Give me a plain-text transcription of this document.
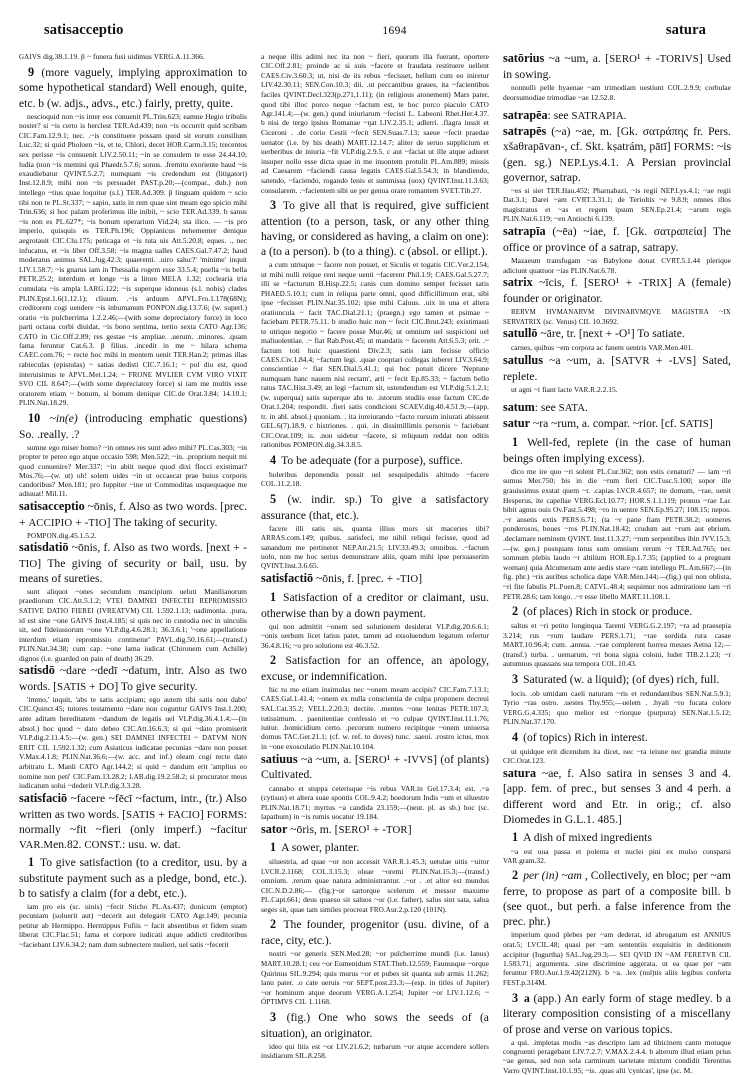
satisacceptio	1694	satura

GAIVS dig.38.1.19. β ~ funera fusi uidimus VERG.A.11.366.

9 (more vaguely, implying approximation to some hypothetical standard) Well enough, quite, etc. b (w. adjs., advs., etc.) fairly, pretty, quite.

nescioquid non ~is inter eos conuenit PL.Trin.623; eamne Hegio tribulis noster? si ~is certo is herclest TER.Ad.439; non ~is occurrit quid scribam CIC.Fam.12.9.1; nec. .~is constituere possam quod sit eorum consilium Luc.32; si quid Pholoen ~is, et te, Chlori, decet HOR.Carm.3.15; trecentos sex perisse ~is consuenit LIV.2.50.11; ~in se consulem te esse 24.44.10; ludia (non ~is memini qui Phaedr.5.7.6; sonus. .fremitu exoriente haud ~is exaudiebatur QVINT.5.2.7; numquam ~is credendum est (litigatori) Inst.12.8.9; mihi non ~is persuadet PAST.p.20;—(compar., dub.) non intellego ~tius quae loquitur (s.l.) TER.Ad.309. β linguam quidem ~ scio tibi non te PL.St.337; ~ sapio, satis in rem quae sint meam ego spicio mihi Trin.636; si hoc palam proferimus ille inibit, ~ scio TER.Ad.339. b sanus ~is non es PL.627*; ~is bonum operarium Vid.24; sta ilico. — ~is pro imperio, quisquis es TER.Ph.196; Oppianicus nehementer denique aegrotauit CIC.Clu.175; peticaga et ~is tuta uis Att.5.20.8; eques. ., nec infucatus, et ~is liber Off.3.58; ~is magna ualles CAES.Gal.7.47.2; haud moderatus animus SAL.Jug.42.3; quaerenti. .uiro saluc?' 'minime' inquit LIV.1.58.7; ~is gnarus iam in Thessalia rogem esse 33.5.4; puella ~is bella PETR.25.2; interdum et longe ~is a litore MELA 1.32; coclearia tria cumulata ~is ampla LARG.122; ~is superque idoneus (s.l. nobis) clades PLIN.Epst.1.6(1.12.1); cliuum. .~is arduum APVL.Fro.1.178(68N); creditorem cogi uendere ~is inhumanum PONPON.dig.13.7.6; (w. superl.) oratio ~is pulcherrima 1.2.2.46;—(with some depreciatory force) in loco parti octaua corbi diuidat, ~is bono sentima, tertio sexta CATO Agr.136; CATO in Cic.Off.2.89; res gestae ~is ampliae. .uerum. .minores. .quam fama feruntur Cat.6.3. β filius. .incedit in me ~ hilara schema CAEC.com.76; ~ recte hoc mihi in mentem uenit TER.Han.2; primas illas rabieculas (epistulas) ~ satias dedisti CIC.7.16.1; ~ pol diu est, quod interuisimus te APVL.Met.1.24; ~ FRONE MVLIER CVM VIRO VIXIT SVO CIL 8.647;—(with some depreciatory force) si iam me multis esse oratorem etiam ~ bonum, si bonum denique CIC.de Orat.3.84; 14.10.1; PLIN.Nat.18.29.

10 ~in(e) (introducing emphatic questions) So. .really. .?

sumne ego miser homo? ~in omnes res sunt adeo mihi? PL.Cas.303; ~in propter te pereo ego atque occasio 598; Men.522; ~in. .proprium nequit mi quod conuenire? Mer.337; ~in abiit neque quod dixi flocci existimat? Mos.76;—(w. ut) oh! solem uides ~in ut occaecat prae huius corporis candoribus? Men.181; pro Iuppiter ~ine ut Commoditas usquequaque me adiuuat! Mil.11.

satisacceptio ~ōnis, f. Also as two words. [prec. + ACCIPIO + -TIO] The taking of security.

POMPON.dig.45.1.5.2.

satisdatiō ~ōnis, f. Also as two words. [next + -TIO] The giving of security or bail, usu. by means of sureties.

sunt aliquot ~ones secundum mancipium ueluti Manilianorum praediorum CIC.Att.5.1.2; VTEI DAMNEI INFECTEI REPROMISSIO SATIVE DATIO FIEREI (IVREATVM) CIL 1.592.1.13; uadimonia. .pura, id est sine ~one GAIVS Inst.4.185; si quis nec in custodia nec in uinculis sit, sed fideiussorum ~one VLP.dig.4.6.28.1; 36.3.6.1; '~one appellatione interdum etiam repromissio continetur' PAVL.dig.50.16.61;—(transf.) PLIN.Nat.34.38; cum cap. ~one lama iudicat (Chironem cum Achille) dignos (i.e. guarded on pain of death) 36.29.

satisdō ~dare ~dedī ~datum, intr. Also as two words. [SATIS + DO] To give security.

'immo,' inquit, 'abs te satis accipiam; ego autem tibi satis non dabo' CIC.Quinct.45; tutores testamento ~dare non coguntur GAIVS Inst.1.200; ante aditam hereditatem ~dandum de legatis uel VLP.dig.36.4.1.4;—(in absol.) hoc quod ~ dato debeo CIC.Att.16.6.3; si qui ~dato promiserit VLP.dig.2.11.4.5;—(w. gen.) SEI DAMNEI INFECTEI ~ DATVM NON ERIT CIL 1.592.1.32; cum Asiaticus iudicatae pecunias ~dare non posset V.Max.4.1.8; PLIN.Nat.36.6;—(w. acc. and inf.) oleam cogi recte dato arbitratu L. Manli CATO Agr.144.2; si quid ~ dandum erit 'amplius eo nomine non peti' CIC.Fam.13.28.2; LAB.dig.19.2.58.2; si procurator meus iudicatum solui ~dederit VLP.dig.3.3.28.

satisfaciō ~facere ~fēcī ~factum, intr., (tr.) Also written as two words. [SATIS + FACIO] FORMS: normally ~fit ~fieri (only imperf.) ~facitur VAR.Men.82. CONST.: usu. w. dat.

1 To give satisfaction (to a creditor, usu. by a substitute payment such as a pledge, bond, etc.). b to satisfy a claim (for a debt, etc.).

iam pro eis (sc. uinis) ~fecit Sticho PL.As.437; donicum (emptor) pecuniam (soluerit aut) ~decerit aut delegarit CATO Agr.149; pecunia petitur ab Hermippo. Hermippus Fufiis ~ facit absentibus et fidem suam liberat CIC.Flac.51; fama et corpore iudicati atque addicti creditoribus ~faciebant LIV.6.34.2; nam dum subnectere mulieri, uel satis ~fecerit

a neque illis adimi nec ita non ~ fieri, quorum illa fuerant, oportere CIC.Off.2.81; proinde ac si suis ~facere et fraudata restituere uellent CAES.Civ.3.60.3; ut, nisi de iis rebus ~fecisset, bellum cum eo iniretur LIV.42.30.11; SEN.Con.10.3; dii. .ut peccantibus graues, ita ~facientibus faciles QVINT.Decl.323(p.271,1.11); (in religious atonement) Mars pater, quod tibi illoc porco neque ~factum est, te hoc porco piaculo CATO Agr.141.4;—(w. gen.) qund iniuriarum ~fecisti L. Labeoni Rhet.Her.4.37. b nisi de tergo ipsius Romanae ~ŋat LIV.2.35.1; adlerri. .flagra iussit et Ciceroni . .de corio Cestii ~fecit SEN.Suas.7.13; saeue ~fecit praedae uenator (i.e. by his death) MART.12.14.7; aliter de seruo supplicium et uerberibus de iniuria ~fit VLP.dig.2.9.5. c aut ~faciat ut ille atque adiuret insuper nollo esse dicta quae in me insontem protulit PL.Am.889; missis ad Caesarem ~faciendi causa legatis CAES.Gal.5.54.3; in blandiendo, satendo, ~faciendo, rogando lenis et summissa (uox) QVINT.Inst.11.3.63; consularem. .~facientem sibi ue per genua orare romantem SVET.Tib.27.

3 To give all that is required, give sufficient attention (to a person, task, or any other thing having, or considered as having, a claim on one): a (to a person). b (to a thing). c (absol. or ellipt.).

a cum utrisque ~ facere non posset, et Siculis et togatis CIC.Ver.2.154; ut mihi nulli reique reni neque uenti ~facerent Phil.1.9; CAES.Gal.5.27.7; illi se ~facturum B.Hisp.22.5; canis cum domino semper fecisset satis PHAED.5.10.1; cum in reliqua parte omni, quod difficillimum erat, sibi ipse ~fecisset PLIN.Nat.35.102; ipse mihi Caluus. .uix in una et altera oratiuncula ~ facit TAC.Dial.21.1; (praegn.) ego tamen et psimae ~ faciebam PETR.75.11. b studio huic non ~ fecit CIC.Brut.243; existimasti te utrique negotio ~ facere posse Mur.46; ut omnium uel suspicioni uel maliuolentiae. .~ fiat Rab.Post.45; ut mandatis ~ facerem Att.6.5.3; erit. .~ factum toti huic quaestioni Div.2.3; satis iam fecisse officio CAES.Civ.1.84.4; ~factum legi. .quae cooptari collegas iuberet LIV.3.64.9; conscientiae ~ fiat SEN.Dial.5.41.1; qui hoc potuit dicere 'Neptune numquam hanc nauem nisi rectam', arti ~ fecit Ep.85.33; ~ factum bello ratus TAC.Hist.3.49; an legi ~factum sit, ustendendum est VLP.dig.5.1.2.1; (w. superqua) satis superque abs te. .istorum studiis esse factum CIC.de Orat.1.204; respondit. .fieri satis condicioni SCAEV.dig.40.4.51.9;—(app. tr. in abl. absol.) quoniam. . ita iureiurando ~facto rursum iniurati abissent GEL.6(7).18.9. c histriones. . qui. .in dissimillimis personis ~ faciebant CIC.Orat.109; is. .non uidetur ~facere, si reliquum reddat non oditis rationibus POMPON.dig.34.3.8.5.

4 To be adequate (for a purpose), suffice.

holeribus deponendis possit uel sesquipedalis altitudo ~facere COL.11.2.18.

5 (w. indir. sp.) To give a satisfactory assurance (that, etc.).

facere illi satis uis, quanta illius mors sit maceries tibi? ARRAS.com.149; quibus. .satisfeci, me nihil reliqui fecisse, quod ad sanandum me pertineret NEP.Att.21.5; LIV.33.49.3; omnibus. .~factum uolo, non me hoc serius demonstrare aliis, quam mihi ipse persuaserim QVINT.Inst.3.6.65.

satisfactiō ~ōnis, f. [prec. + -TIO]

1 Satisfaction of a creditor or claimant, usu. otherwise than by a down payment.

qui non admittit ~onem sed solutionem desiderat VLP.dig.20.6.6.1; ~onis uerbum licet latius patet, tamen ad exsoluendum legatum refertur 36.4.8.16; ~o pro solutione est 46.3.52.

2 Satisfaction for an offence, an apology, excuse, or indemnification.

hic tu me etiam insimulas nec ~onem meam accipis? CIC.Fam.7.13.1; CAES.Gal.1.41.4; ~onem ex nulla conscientia de culpa proponere decreui SAL.Cat.35.2; VELL.2.20.3; dectite. .mentes ~one lenitas PETR.107.3; tutissimum. . paenitentiae confessio et ~o culpae QVINT.Inst.11.1.76; iuitur. .homicidium certo. .pecorum numero recipitque ~onem uniuersa domus TAC.Ger.21.1; (cf. w. ref. to doves) tunc. .saeui. .rostro ictus, mox in ~one exosculatio PLIN.Nat.10.104.

satiuus ~a ~um, a. [SERO¹ + -IVVS] (of plants) Cultivated.

cannabo et stuppa ceterisque ~is rebus VAR.in Gel.17.3.4; est. .~a (cytisus) et altera suae spontis COL.9.4.2; hoedorum Indis ~um et siluestre PLIN.Nat.18.71; myrtus ~a candida 23.159;—(neut. pl. as sb.) hoc (sc. lapathum) in ~is rumis uocatur 19.184.

sator ~ōris, m. [SERO¹ + -TOR]

1 A sower, planter.

siluestria, ad quae ~or non accessit VAR.R.1.45.3; uetulae uitis ~uitor LVCR.2.1168; COL.3.15.3; oleae ~oremi PLIN.Nat.15.3;—(transf.) omnium. .rerum quae natura administrantur. .~or . .et altor est mundus CIC.N.D.2.86;— (fig.)~or sartorque scelerum et messor maxume PL.Capt.661; deus quaeso sit saluos ~or (i.e. father), salus sint sata, salua seges sit, quae tam similes procreat FRO.Aur.2.p.120 (101N).

2 The founder, progenitor (usu. divine, of a race, city, etc.).

nostri ~or generis SEN.Med.28; ~or pulcherrime mundi (i.e. Ianus) MART.10.28.1; ceu ~or Eumenidum STAT.Theb.12.559; Faunusque ~orque Quirinus SIL.9.294; quis murus ~or et pubes sit quanta sub armis 11.262; lanu pater. .o cate ueruis ~or SEPT.post.23.3;—(esp. in titles of Jupiter) ~or hominum atque deorum VERG.A.1.254; Jupiter ~or LIV.1.12.6; ~ ÓPTIMVS CIL 1.1168.

3 (fig.) One who sows the seeds of (a situation), an originator.

ideo qui litis est ~or LIV.21.6.2; turbarum ~or atque accendere sollers insidiarum SIL.8.258.

satōrius ~a ~um, a. [SERO¹ + -TORIVS] Used in sowing.

nonnulli pelle hyaenae ~am trimodiam uestiunt COL.2.9.9; corbulae deorsumodiae trimodiae ~ae 12.52.8.

satrapēa: see SATRAPIA.

satrapēs (~a) ~ae, m. [Gk. σατράπης fr. Pers. xšaθrapāvan-, cf. Skt. kṣatrám, pātī] FORMS: ~is (gen. sg.) NEP.Lys.4.1. A Persian provincial governor, satrap.

~es si siet TER.Hau.452; Pharnabazi, ~is regii NEP.Lys.4.1; ~ae regii Dat.3.1; Darei ~am CVRT.3.31.1; de Terioltis ~e 9.8.9; omnes illos magistratus et ~as et regem ipsum SEN.Ep.21.4; ~arum regis PLIN.Nat.6.119; ~en Antiochi 6.139.

satrapīa (~ēa) ~iae, f. [Gk. σατραπεία] The office or province of a satrap, satrapy.

Mazaeum transfugam ~as Babylone donat CVRT.5.1.44 plerique adiciunt quattuor ~ias PLIN.Nat.6.78.

satrix ~īcis, f. [SERO¹ + -TRIX] A (female) founder or originator.

RERVM HVMANARVM DIVINARVMQVE MAGISTRA ~IX SERVATRIX (sc. Venus) CIL 10.3692.

satullō ~āre, tr. [next + -O¹] To satiate.

carnes, quibus ~em corpora ac fanem uentris VAR.Men.401.

satullus ~a ~um, a. [SATVR + -LVS] Sated, replete.

ut agni ~i fiant lacte VAR.R.2.2.15.

satum: see SATA.

satur ~ra ~rum, a. compar. ~rior. [cf. SATIS]

1 Well-fed, replete (in the case of human beings often implying excess).

dico me ire quo ~ri solent PL.Cur.362; non estis cenaturi? — iam ~ri sumus Mer.750; bis in die ~rum fieri CIC.Tusc.5.100; sopor ille grauissimus exstat quem ~r. .capias LVCR.4.657; ite domum, ~rae, uenit Hesperus, ite capellae VERG.Ecl.10.77; HOR.S.1.1.119; pronus ~rae Lac bibit agnus ouis Ov.Fast.5.498; ~ro in uentre SEN.Ep.95.27; 108.15; nepos. .~r ansetis extis PERS.6.71; (ta ~r pane fiam PETR.38.2; uomeres ponderosos, boues ~ros PLIN.Nat.18.42; crudum aut ~rum aut ebrium. .declamare neminem QVINT. Inst.11.3.27; ~rum serpentibus ibin JVV.15.3;—(w. gen.) postquam intus sum omnium rerum ~r TER.Ad.765; nec somnum plebis laudo ~r altilium HOR.Ep.1.7.35; (applied to a pregnant woman) quia Alcumenam ante aedis stare ~ram intellego PL.Am.667;—(in fig. phr.) ~ris auribus scholica dape VAR.Men.144;—(fig.) qui non oblista, ~ri fite fabulis PL.Poen.8; CATVL.48.4; sequimur nos admiratione iam ~ri PETR.28.6; tam longo. .~r esse libello MART.11.108.1.

2 (of places) Rich in stock or produce.

saltus et ~ri petito longinqua Tarenti VERG.G.2.197; ~ra ad praesepia 3.214; rus ~rum laudare PERS.1.71; ~rae sordida rura casae MART.10.96.4; cum. .annua. .~rae complerent horrea messes Aetna 12;—(transf.) turba. . uemarum, ~ri bona signa coloni, ludet TIB.2.1.23; ~r autumnus quassans sua tempora COL.10.43.

3 Saturated (w. a liquid); (of dyes) rich, full.

locis. .ob umidam caeli naturam ~ris et redundantibus SEN.Nat.5.9.1; Tyrio ~ras ostro. .uestes Thy.955;—uelem . .hyali ~ro fucata colore VERG.G.4.335; quo melior est ~riorque (purpura) SEN.Nat.1.5.12; PLIN.Nat.37.170.

4 (of topics) Rich in interest.

ut quidque erit dicendum ita dicet, nec ~ra ieiune nec grandia minute CIC.Orat.123.

satura ~ae, f. Also satira in senses 3 and 4. [app. fem. of prec., but senses 3 and 4 perh. a different word and Etr. in orig.; cf. also Diomedes in G.L.1. 485.]

1 A dish of mixed ingredients

~a est uua passa et polenta et nuclei pini ex mulso consparsi VAR.gram.32.

2 per (in) ~am , Collectively, en bloc; per ~am ferre, to propose as part of a composite bill. b (see quot., but perh. a false inference from the prec. phr.)

imperium quod plebes per ~am dederat, id abrogatum est ANNIUS orat.5; LVCIL.48; quasi per ~am sententiis exquisitis in deditionem accipitur (Iugurtha) SAL.Jug.29.3;— SEI QVID IN ~AM FERETVR CIL 1.583.71; argumenta. .sine discrimine aggerata, ut ea quae per ~am feruntur FRO.Aur.1.9.42(212N). b ~a. .lex (nul)tis aliis legibus conferta FEST.p.314M.

3 a (app.) An early form of stage medley. b a literary composition consisting of a miscellany of prose and verse on various topics.

a qui. .impletas modis ~as descripto iam ad tibicinem canto motuque congruenti peragebant LIV.7.2.7; V.MAX.2.4.4. b alterum illud etiam prius ~ae genus, sed non sola carminum uarietate mixtum condidit Terentius Varro QVINT.Inst.10.1.95; ~is. .quas alii 'cynicas', ipse (sc. M.
